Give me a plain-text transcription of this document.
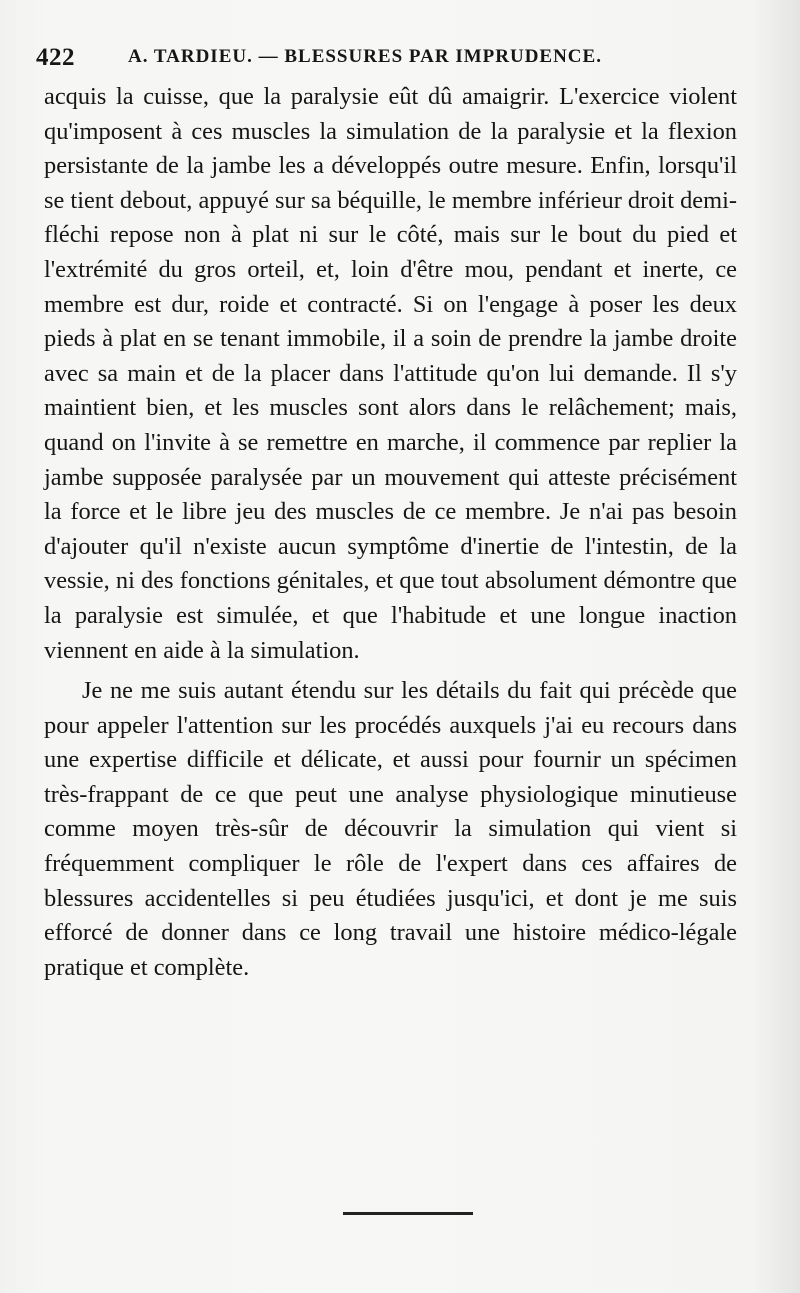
422	A. TARDIEU. — BLESSURES PAR IMPRUDENCE.

acquis la cuisse, que la paralysie eût dû amaigrir. L'exercice violent qu'imposent à ces muscles la simulation de la paralysie et la flexion persistante de la jambe les a développés outre mesure. Enfin, lorsqu'il se tient debout, appuyé sur sa béquille, le membre inférieur droit demi-fléchi repose non à plat ni sur le côté, mais sur le bout du pied et l'extrémité du gros orteil, et, loin d'être mou, pendant et inerte, ce membre est dur, roide et contracté. Si on l'engage à poser les deux pieds à plat en se tenant immobile, il a soin de prendre la jambe droite avec sa main et de la placer dans l'attitude qu'on lui demande. Il s'y maintient bien, et les muscles sont alors dans le relâchement; mais, quand on l'invite à se remettre en marche, il commence par replier la jambe supposée paralysée par un mouvement qui atteste précisément la force et le libre jeu des muscles de ce membre. Je n'ai pas besoin d'ajouter qu'il n'existe aucun symptôme d'inertie de l'intestin, de la vessie, ni des fonctions génitales, et que tout absolument démontre que la paralysie est simulée, et que l'habitude et une longue inaction viennent en aide à la simulation.

Je ne me suis autant étendu sur les détails du fait qui précède que pour appeler l'attention sur les procédés auxquels j'ai eu recours dans une expertise difficile et délicate, et aussi pour fournir un spécimen très-frappant de ce que peut une analyse physiologique minutieuse comme moyen très-sûr de découvrir la simulation qui vient si fréquemment compliquer le rôle de l'expert dans ces affaires de blessures accidentelles si peu étudiées jusqu'ici, et dont je me suis efforcé de donner dans ce long travail une histoire médico-légale pratique et complète.
